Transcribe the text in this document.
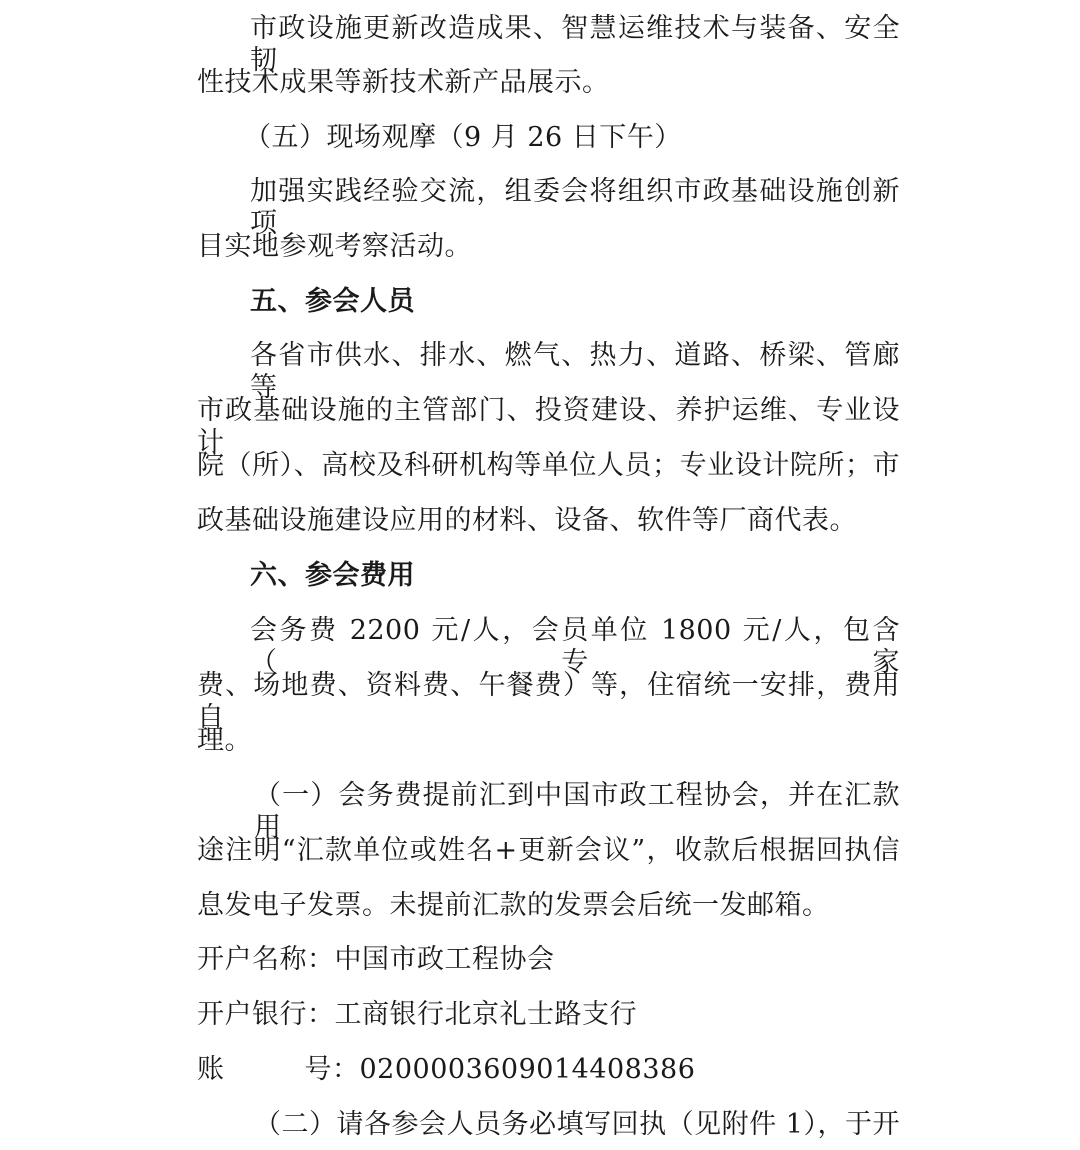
市政设施更新改造成果、智慧运维技术与装备、安全韧
性技术成果等新技术新产品展示。
（五）现场观摩（9 月 26 日下午）
加强实践经验交流，组委会将组织市政基础设施创新项
目实地参观考察活动。
五、参会人员
各省市供水、排水、燃气、热力、道路、桥梁、管廊等
市政基础设施的主管部门、投资建设、养护运维、专业设计
院（所）、高校及科研机构等单位人员；专业设计院所；市
政基础设施建设应用的材料、设备、软件等厂商代表。
六、参会费用
会务费 2200 元/人，会员单位 1800 元/人，包含（专家
费、场地费、资料费、午餐费）等，住宿统一安排，费用自
理。
（一）会务费提前汇到中国市政工程协会，并在汇款用
途注明“汇款单位或姓名+更新会议”，收款后根据回执信
息发电子发票。未提前汇款的发票会后统一发邮箱。
开户名称：中国市政工程协会
开户银行：工商银行北京礼士路支行
账 号：0200003609014408386
（二）请各参会人员务必填写回执（见附件 1），于开
